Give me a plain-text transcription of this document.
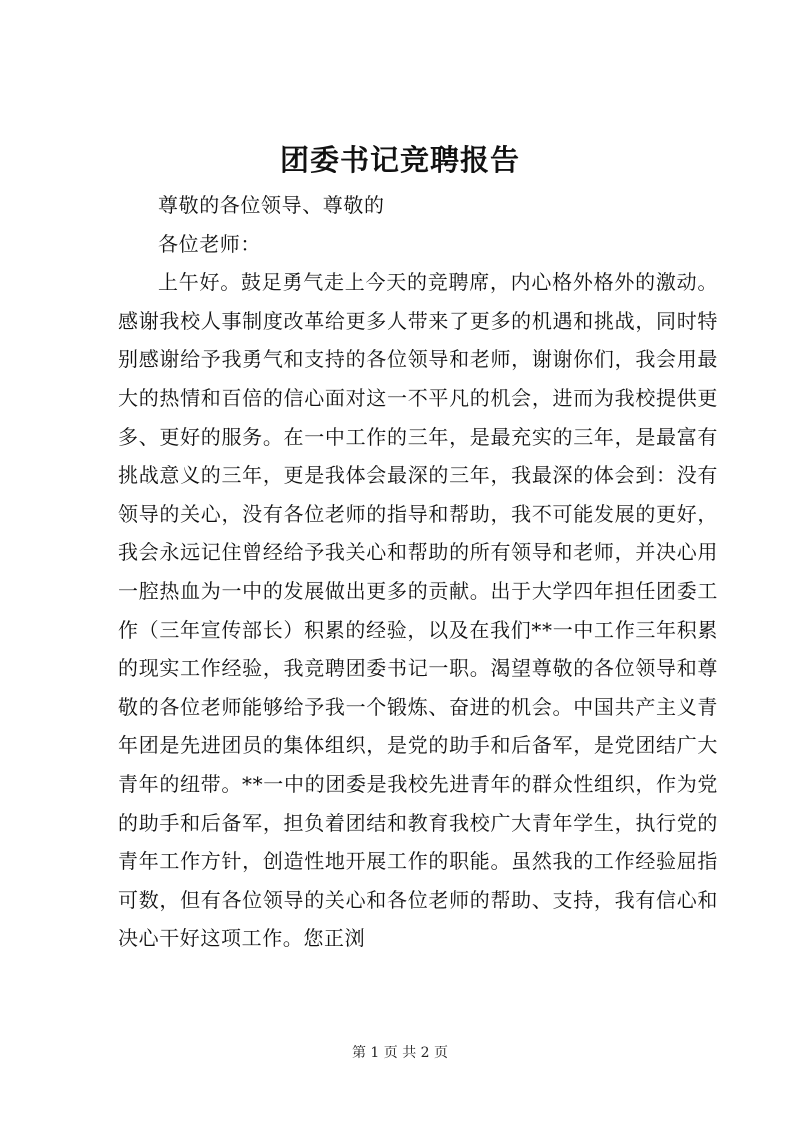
团委书记竞聘报告

尊敬的各位领导、尊敬的

各位老师：

上午好。鼓足勇气走上今天的竞聘席，内心格外格外的激动。感谢我校人事制度改革给更多人带来了更多的机遇和挑战，同时特别感谢给予我勇气和支持的各位领导和老师，谢谢你们，我会用最大的热情和百倍的信心面对这一不平凡的机会，进而为我校提供更多、更好的服务。在一中工作的三年，是最充实的三年，是最富有挑战意义的三年，更是我体会最深的三年，我最深的体会到：没有领导的关心，没有各位老师的指导和帮助，我不可能发展的更好，我会永远记住曾经给予我关心和帮助的所有领导和老师，并决心用一腔热血为一中的发展做出更多的贡献。出于大学四年担任团委工作（三年宣传部长）积累的经验，以及在我们**一中工作三年积累的现实工作经验，我竞聘团委书记一职。渴望尊敬的各位领导和尊敬的各位老师能够给予我一个锻炼、奋进的机会。中国共产主义青年团是先进团员的集体组织，是党的助手和后备军，是党团结广大青年的纽带。**一中的团委是我校先进青年的群众性组织，作为党的助手和后备军，担负着团结和教育我校广大青年学生，执行党的青年工作方针，创造性地开展工作的职能。虽然我的工作经验屈指可数，但有各位领导的关心和各位老师的帮助、支持，我有信心和决心干好这项工作。您正浏

第 1 页 共 2 页
